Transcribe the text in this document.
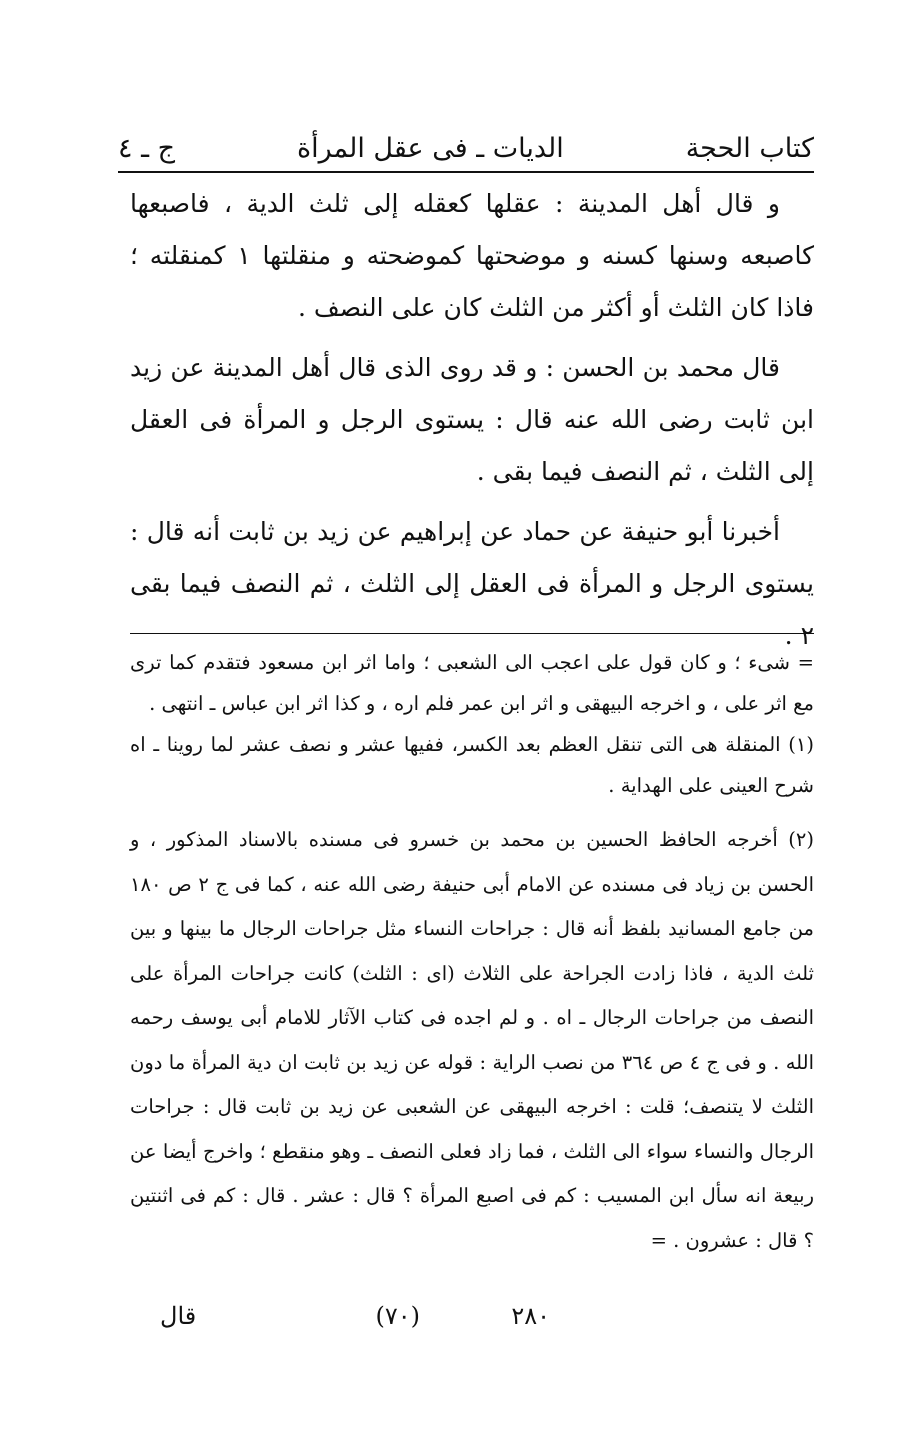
كتاب الحجة
الديات ـ فى عقل المرأة
ج ـ ٤

و قال أهل المدينة : عقلها كعقله إلى ثلث الدية ، فاصبعها كاصبعه وسنها كسنه و موضحتها كموضحته و منقلتها ١ كمنقلته ؛ فاذا كان الثلث أو أكثر من الثلث كان على النصف .

قال محمد بن الحسن : و قد روى الذى قال أهل المدينة عن زيد ابن ثابت رضى الله عنه قال : يستوى الرجل و المرأة فى العقل إلى الثلث ، ثم النصف فيما بقى .

أخبرنا أبو حنيفة عن حماد عن إبراهيم عن زيد بن ثابت أنه قال : يستوى الرجل و المرأة فى العقل إلى الثلث ، ثم النصف فيما بقى ٢ .

= شىء ؛ و كان قول على اعجب الى الشعبى ؛ واما اثر ابن مسعود فتقدم كما ترى مع اثر على ، و اخرجه البيهقى و اثر ابن عمر فلم اره ، و كذا اثر ابن عباس ـ انتهى .

(١) المنقلة هى التى تنقل العظم بعد الكسر، ففيها عشر و نصف عشر لما روينا ـ اه شرح العينى على الهداية .

(٢) أخرجه الحافظ الحسين بن محمد بن خسرو فى مسنده بالاسناد المذكور ، و الحسن بن زياد فى مسنده عن الامام أبى حنيفة رضى الله عنه ، كما فى ج ٢ ص ١٨٠ من جامع المسانيد بلفظ أنه قال : جراحات النساء مثل جراحات الرجال ما بينها و بين ثلث الدية ، فاذا زادت الجراحة على الثلاث (اى : الثلث) كانت جراحات المرأة على النصف من جراحات الرجال ـ اه . و لم اجده فى كتاب الآثار للامام أبى يوسف رحمه الله . و فى ج ٤ ص ٣٦٤ من نصب الراية : قوله عن زيد بن ثابت ان دية المرأة ما دون الثلث لا يتنصف؛ قلت : اخرجه البيهقى عن الشعبى عن زيد بن ثابت قال : جراحات الرجال والنساء سواء الى الثلث ، فما زاد فعلى النصف ـ وهو منقطع ؛ واخرج أيضا عن ربيعة انه سأل ابن المسيب : كم فى اصبع المرأة ؟ قال : عشر . قال : كم فى اثنتين ؟ قال : عشرون . =

٢٨٠
(٧٠)
قال
